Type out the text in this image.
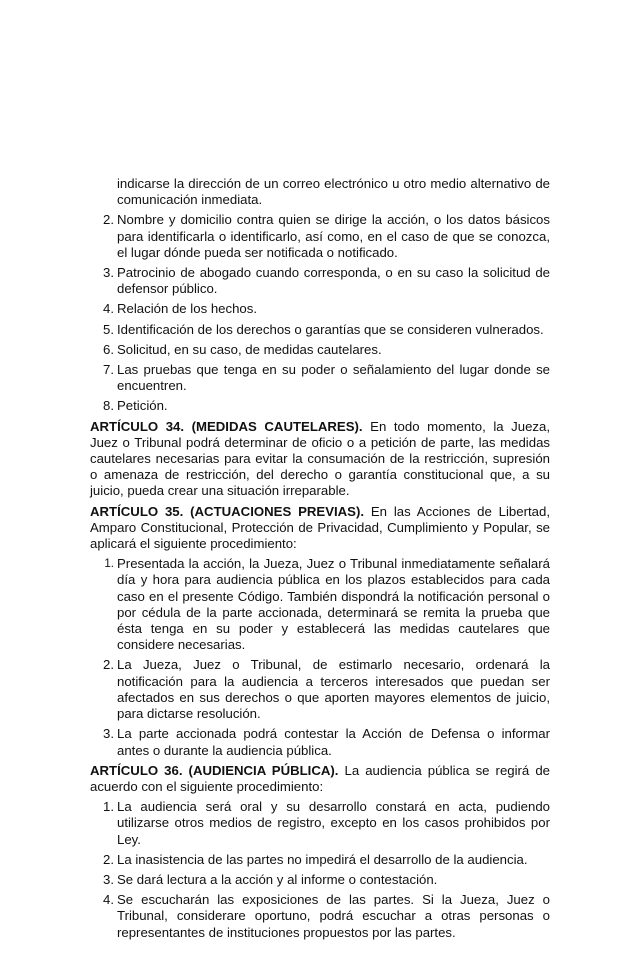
indicarse la dirección de un correo electrónico u otro medio alternativo de comunicación inmediata.

2. Nombre y domicilio contra quien se dirige la acción, o los datos básicos para identificarla o identificarlo, así como, en el caso de que se conozca, el lugar dónde pueda ser notificada o notificado.
3. Patrocinio de abogado cuando corresponda, o en su caso la solicitud de defensor público.
4. Relación de los hechos.
5. Identificación de los derechos o garantías que se consideren vulnerados.
6. Solicitud, en su caso, de medidas cautelares.
7. Las pruebas que tenga en su poder o señalamiento del lugar donde se encuentren.
8. Petición.

ARTÍCULO 34. (MEDIDAS CAUTELARES). En todo momento, la Jueza, Juez o Tribunal podrá determinar de oficio o a petición de parte, las medidas cautelares necesarias para evitar la consumación de la restricción, supresión o amenaza de restricción, del derecho o garantía constitucional que, a su juicio, pueda crear una situación irreparable.

ARTÍCULO 35. (ACTUACIONES PREVIAS). En las Acciones de Libertad, Amparo Constitucional, Protección de Privacidad, Cumplimiento y Popular, se aplicará el siguiente procedimiento:

1. Presentada la acción, la Jueza, Juez o Tribunal inmediatamente señalará día y hora para audiencia pública en los plazos establecidos para cada caso en el presente Código. También dispondrá la notificación personal o por cédula de la parte accionada, determinará se remita la prueba que ésta tenga en su poder y establecerá las medidas cautelares que considere necesarias.
2. La Jueza, Juez o Tribunal, de estimarlo necesario, ordenará la notificación para la audiencia a terceros interesados que puedan ser afectados en sus derechos o que aporten mayores elementos de juicio, para dictarse resolución.
3. La parte accionada podrá contestar la Acción de Defensa o informar antes o durante la audiencia pública.

ARTÍCULO 36. (AUDIENCIA PÚBLICA). La audiencia pública se regirá de acuerdo con el siguiente procedimiento:

1. La audiencia será oral y su desarrollo constará en acta, pudiendo utilizarse otros medios de registro, excepto en los casos prohibidos por Ley.
2. La inasistencia de las partes no impedirá el desarrollo de la audiencia.
3. Se dará lectura a la acción y al informe o contestación.
4. Se escucharán las exposiciones de las partes. Si la Jueza, Juez o Tribunal, considerare oportuno, podrá escuchar a otras personas o representantes de instituciones propuestos por las partes.
